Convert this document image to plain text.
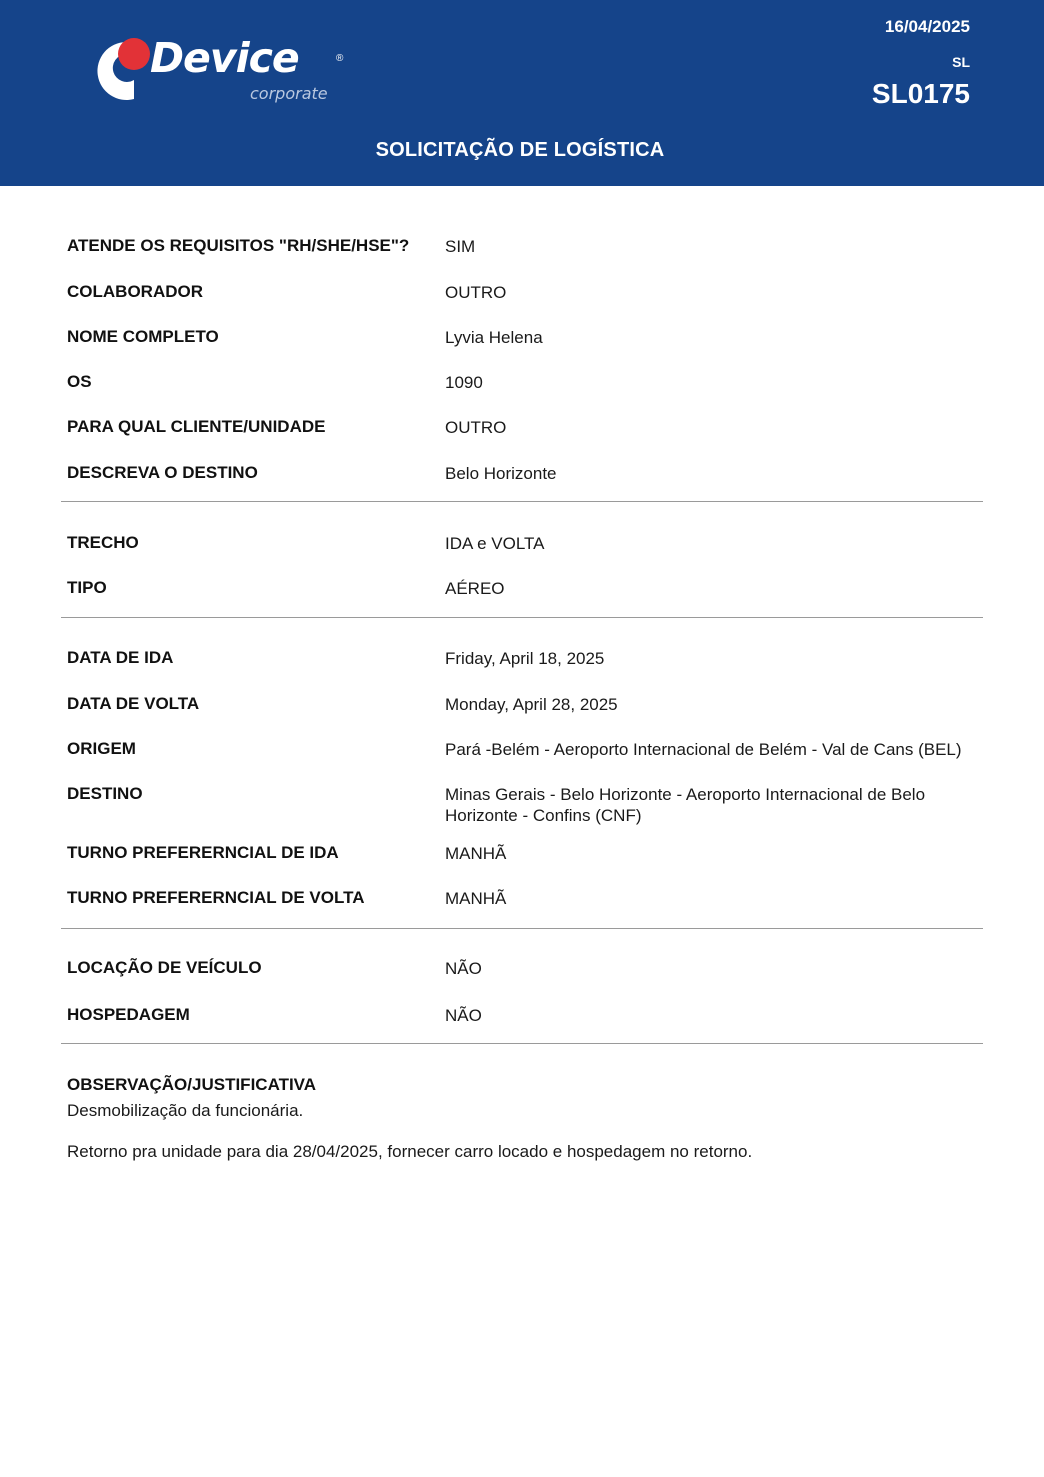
Device	®
corporate
16/04/2025
SL
SL0175
SOLICITAÇÃO DE LOGÍSTICA
ATENDE OS REQUISITOS "RH/SHE/HSE"? SIM
COLABORADOR	OUTRO
NOME COMPLETO	Lyvia Helena
OS	1090
PARA QUAL CLIENTE/UNIDADE	OUTRO
DESCREVA O DESTINO	Belo Horizonte
TRECHO	IDA e VOLTA
TIPO	AÉREO
DATA DE IDA	Friday, April 18, 2025
DATA DE VOLTA	Monday, April 28, 2025
ORIGEM	Pará -Belém - Aeroporto Internacional de Belém - Val de Cans (BEL)
DESTINO	Minas Gerais - Belo Horizonte - Aeroporto Internacional de Belo Horizonte - Confins (CNF)
TURNO PREFERERNCIAL DE IDA	MANHÃ
TURNO PREFERERNCIAL DE VOLTA	MANHÃ
LOCAÇÃO DE VEÍCULO	NÃO
HOSPEDAGEM	NÃO
OBSERVAÇÃO/JUSTIFICATIVA
Desmobilização da funcionária.
Retorno pra unidade para dia 28/04/2025, fornecer carro locado e hospedagem no retorno.
